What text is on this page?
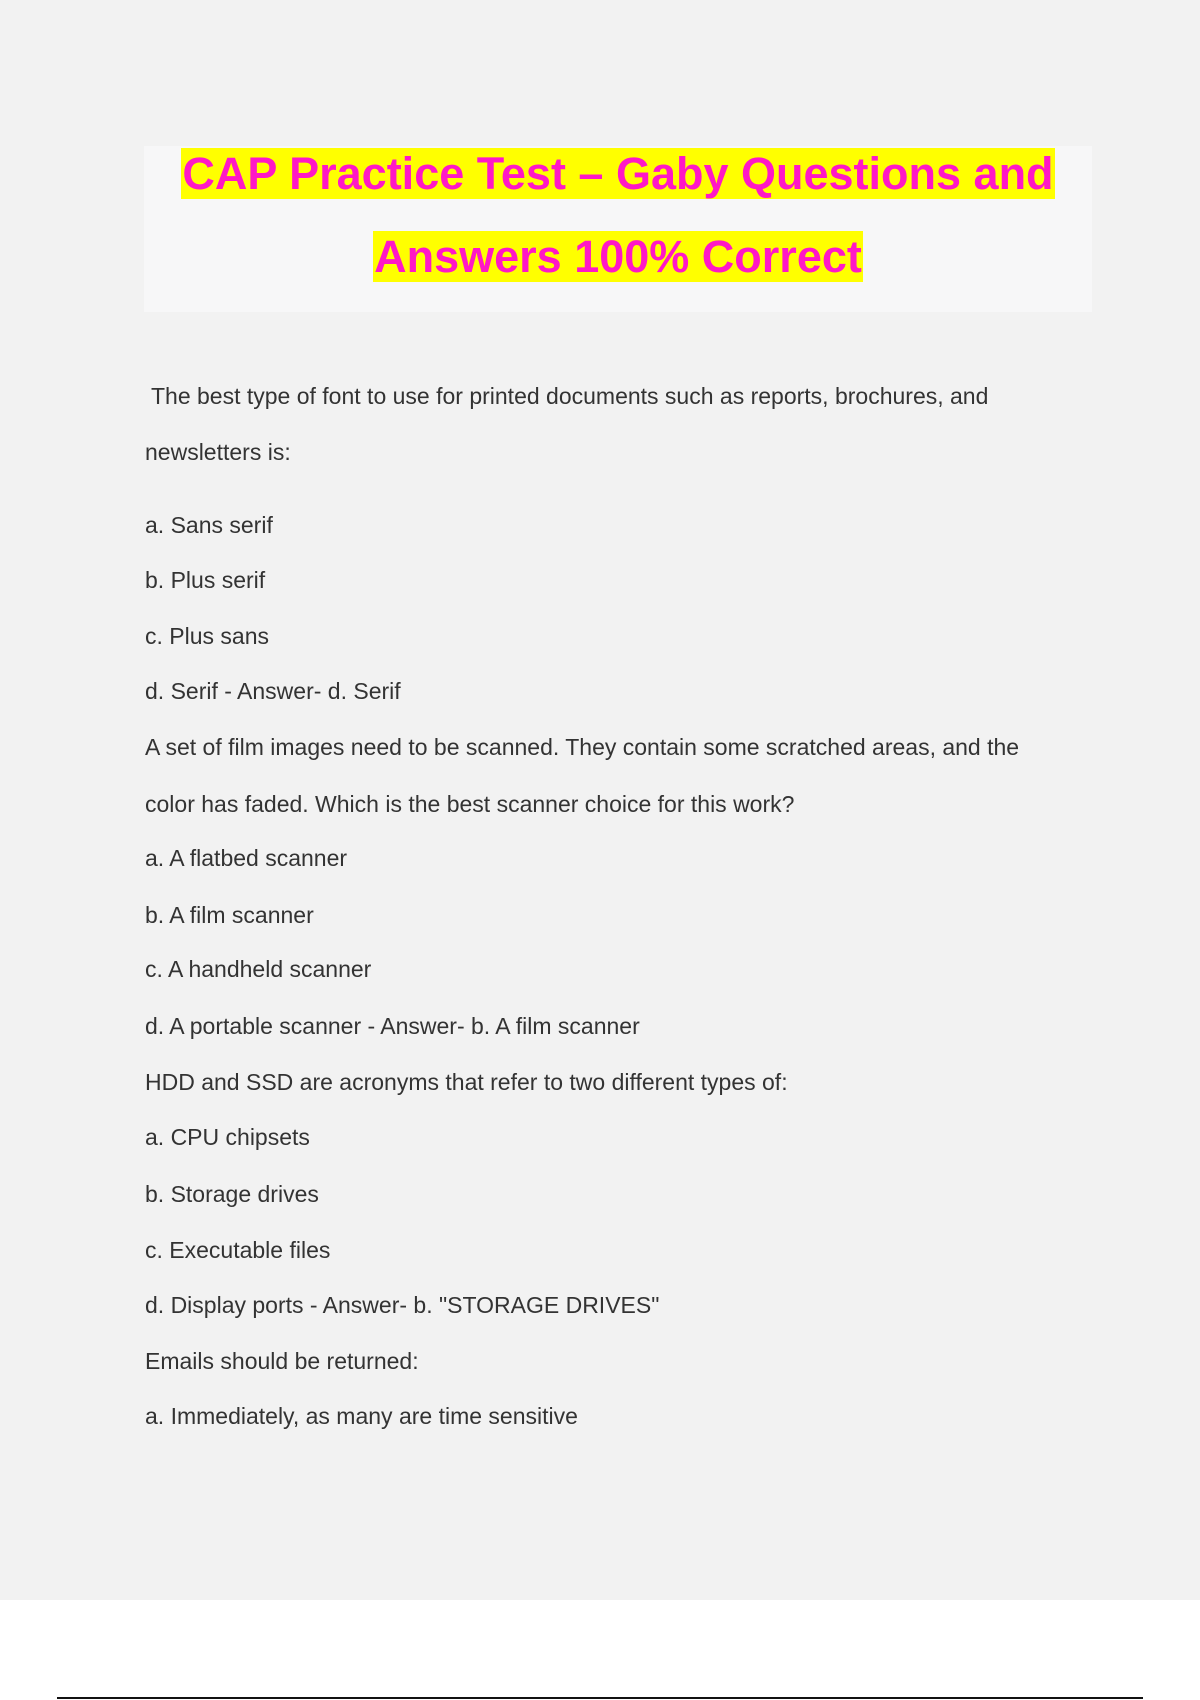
CAP Practice Test – Gaby Questions and
Answers 100% Correct
The best type of font to use for printed documents such as reports, brochures, and
newsletters is:
a. Sans serif
b. Plus serif
c. Plus sans
d. Serif - Answer- d. Serif
A set of film images need to be scanned. They contain some scratched areas, and the
color has faded. Which is the best scanner choice for this work?
a. A flatbed scanner
b. A film scanner
c. A handheld scanner
d. A portable scanner - Answer- b. A film scanner
HDD and SSD are acronyms that refer to two different types of:
a. CPU chipsets
b. Storage drives
c. Executable files
d. Display ports - Answer- b. "STORAGE DRIVES"
Emails should be returned:
a. Immediately, as many are time sensitive
